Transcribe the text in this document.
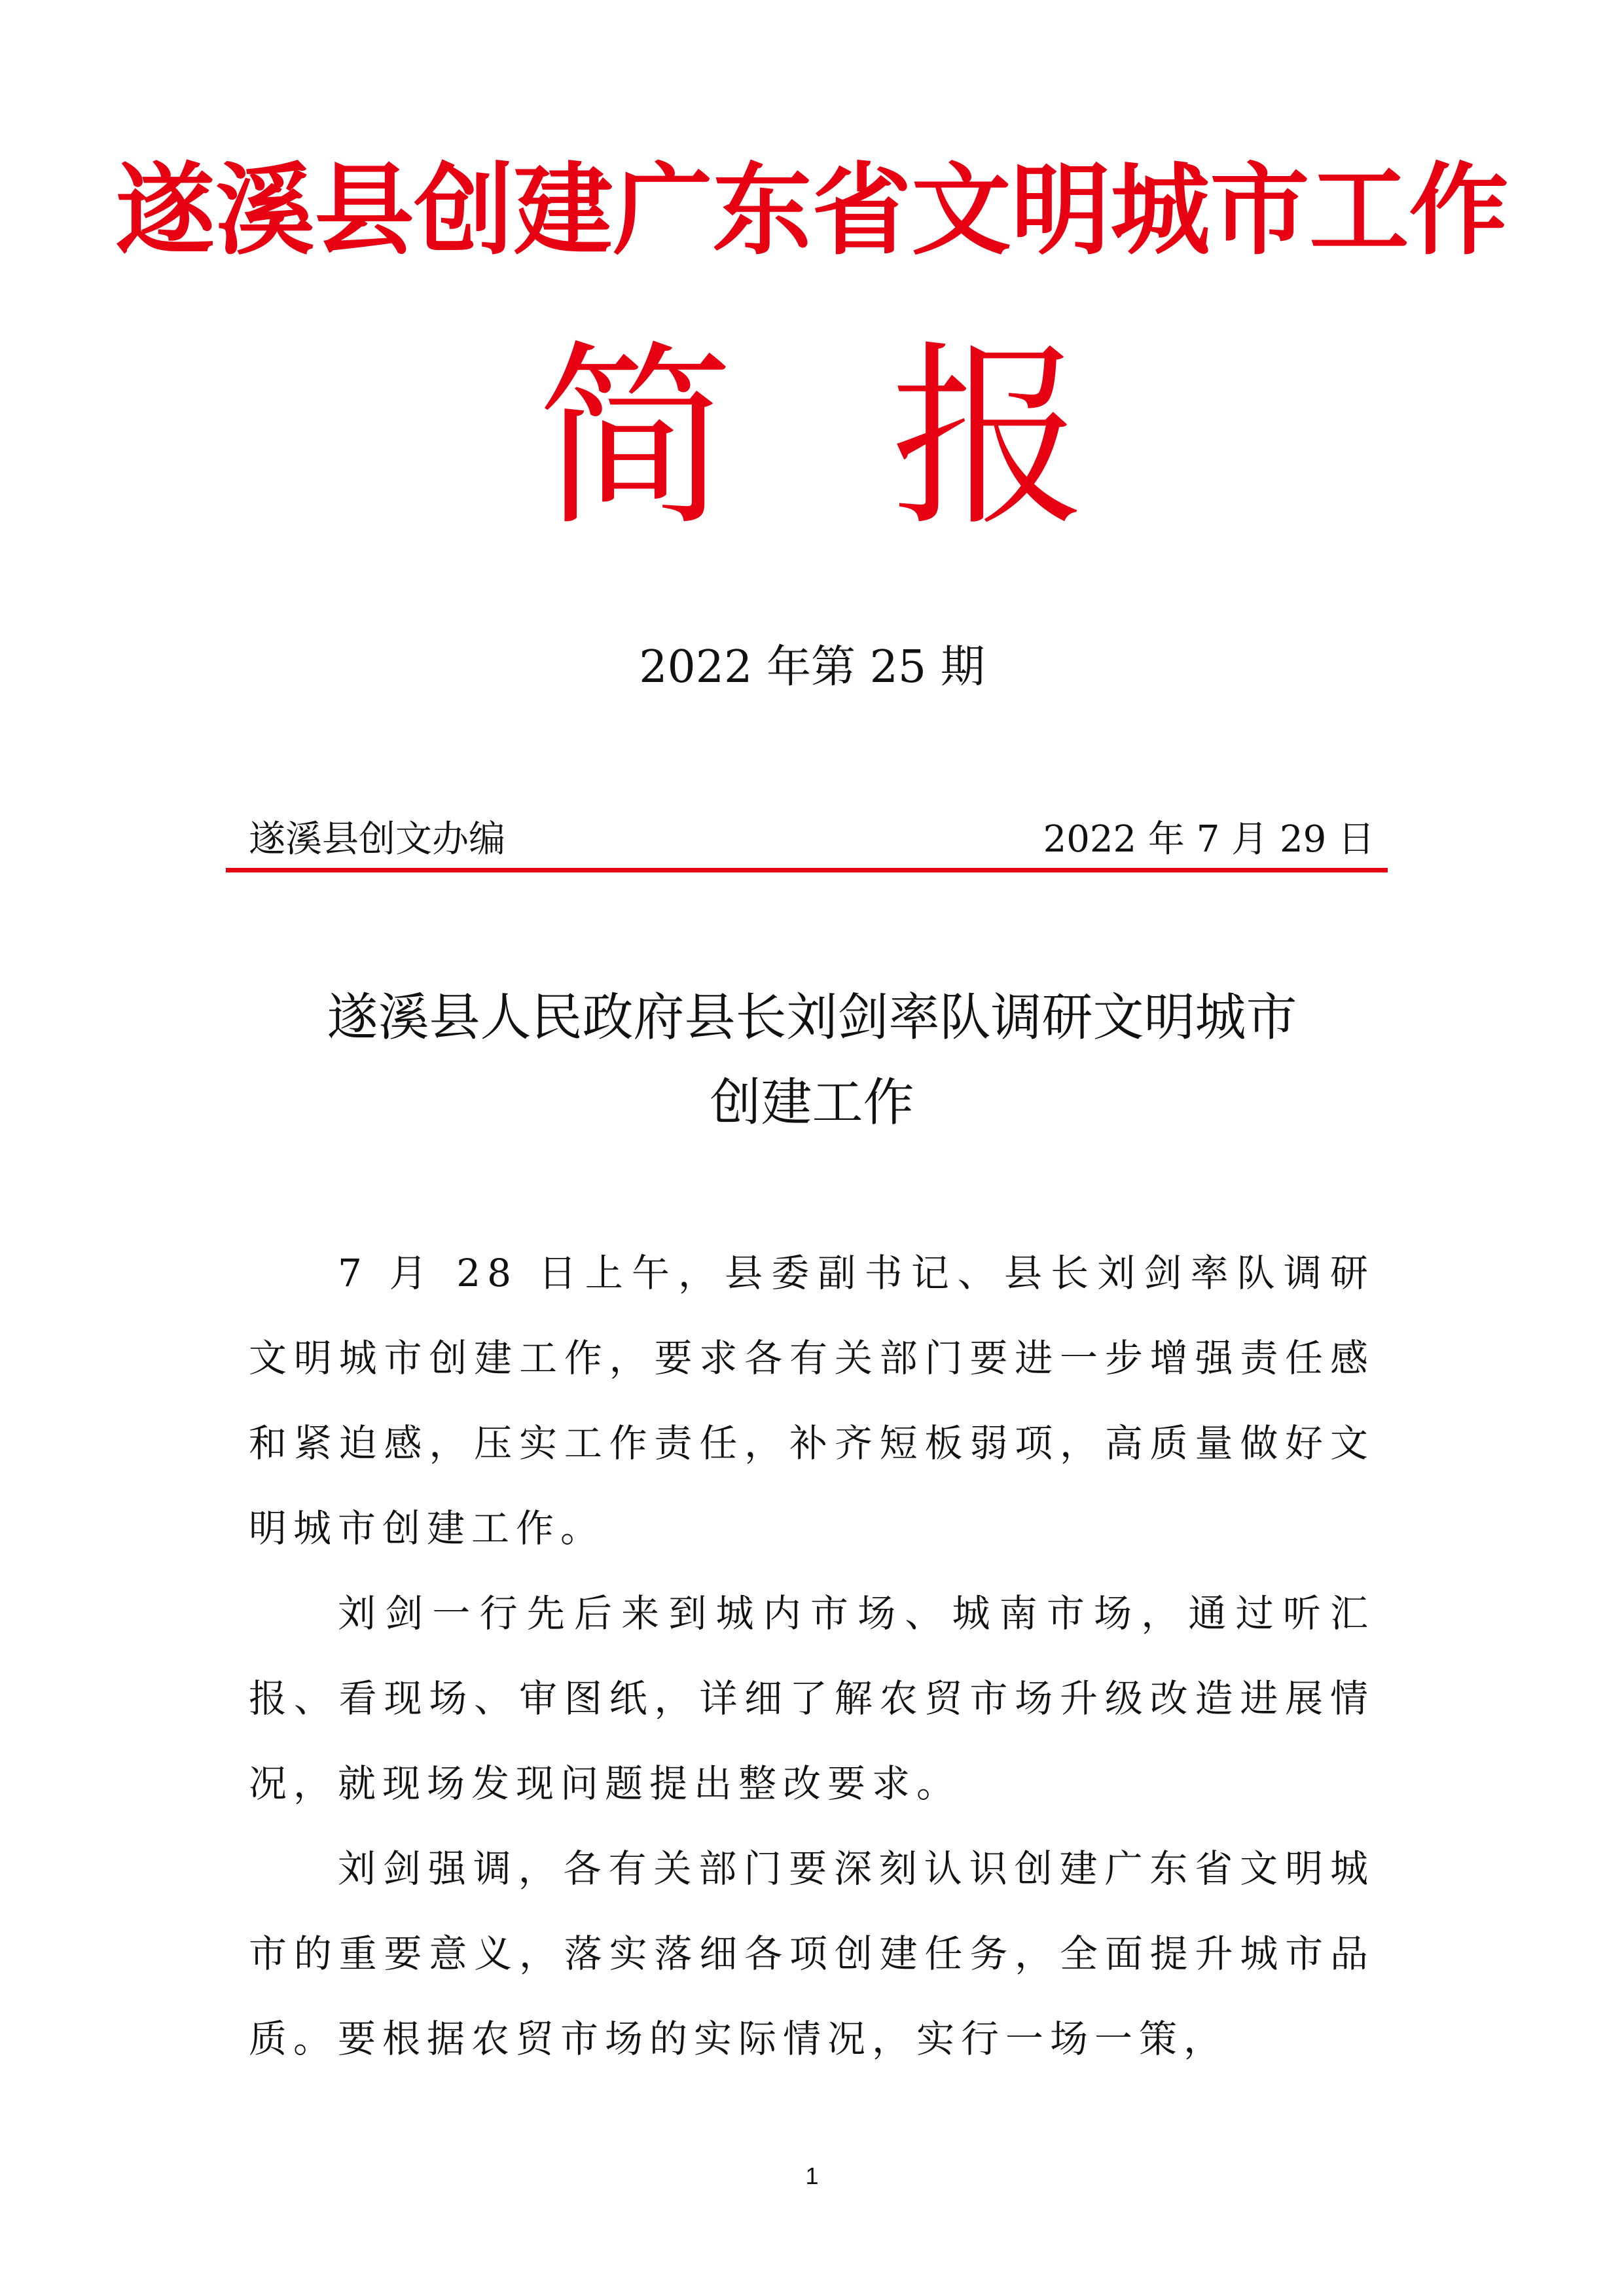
遂溪县创建广东省文明城市工作
简 报
2022 年第 25 期
遂溪县创文办编	2022 年 7 月 29 日
遂溪县人民政府县长刘剑率队调研文明城市
创建工作

7 月 28 日上午，县委副书记、县长刘剑率队调研文明城市创建工作，要求各有关部门要进一步增强责任感和紧迫感，压实工作责任，补齐短板弱项，高质量做好文明城市创建工作。

刘剑一行先后来到城内市场、城南市场，通过听汇报、看现场、审图纸，详细了解农贸市场升级改造进展情况，就现场发现问题提出整改要求。

刘剑强调，各有关部门要深刻认识创建广东省文明城市的重要意义，落实落细各项创建任务，全面提升城市品质。要根据农贸市场的实际情况，实行一场一策，

1
